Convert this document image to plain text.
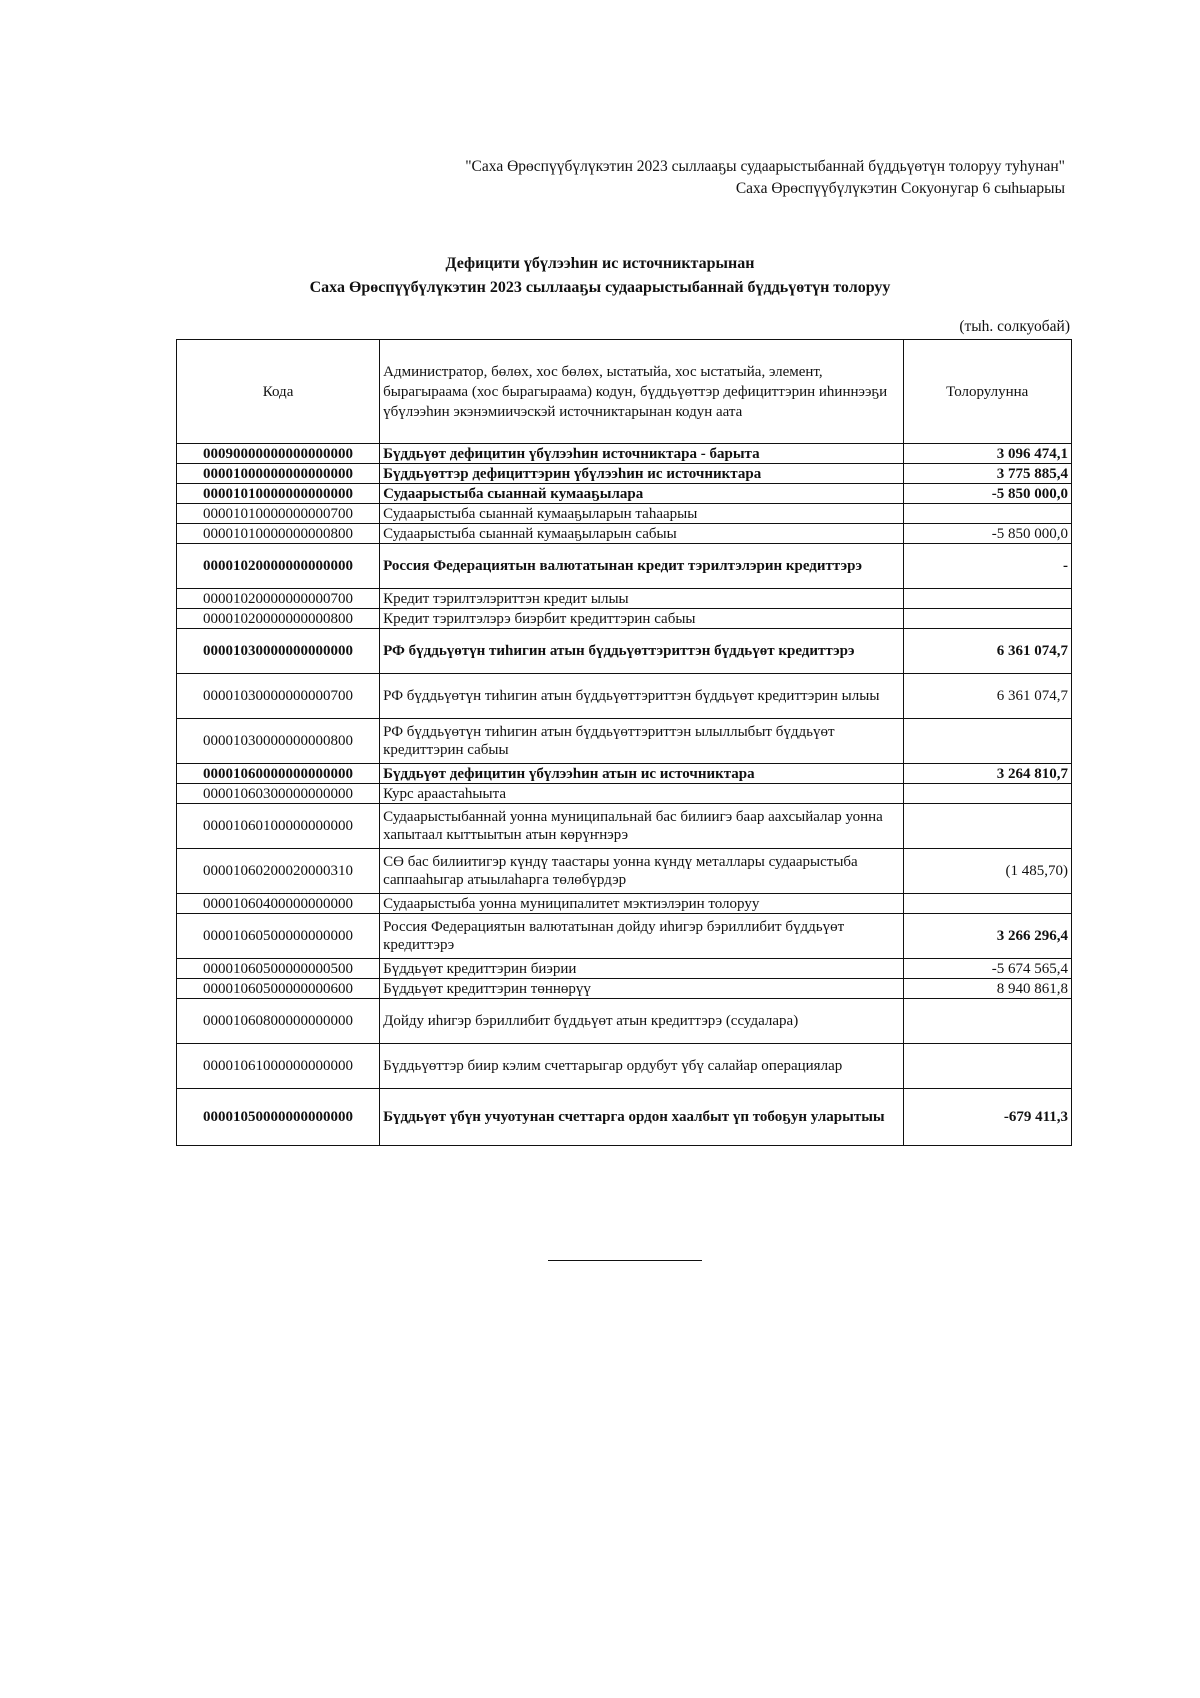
"Саха Өрөспүүбүлүкэтин 2023 сыллааҕы судаарыстыбаннай бүддьүөтүн толоруу туһунан"
Саха Өрөспүүбүлүкэтин Сокуонугар 6 сыһыарыы
Дефицити үбүлээһин ис источниктарынан
Саха Өрөспүүбүлүкэтин 2023 сыллааҕы судаарыстыбаннай бүддьүөтүн толоруу
(тыһ. солкуобай)
Кода	Администратор, бөлөх, хос бөлөх, ыстатыйа, хос ыстатыйа, элемент, бырагыраама (хос бырагыраама) кодун, бүддьүөттэр дефициттэрин иһиннээҕи үбүлээһин экэнэмиичэскэй источниктарынан кодун аата	Толорулунна
00090000000000000000	Бүддьүөт дефицитин үбүлээһин источниктара - барыта	3 096 474,1
00001000000000000000	Бүддьүөттэр дефициттэрин үбүлээһин ис источниктара	3 775 885,4
00001010000000000000	Судаарыстыба сыаннай кумааҕылара	-5 850 000,0
00001010000000000700	Судаарыстыба сыаннай кумааҕыларын таһаарыы	
00001010000000000800	Судаарыстыба сыаннай кумааҕыларын сабыы	-5 850 000,0
00001020000000000000	Россия Федерациятын валютатынан кредит тэрилтэлэрин кредиттэрэ	-
00001020000000000700	Кредит тэрилтэлэриттэн кредит ылыы	
00001020000000000800	Кредит тэрилтэлэрэ биэрбит кредиттэрин сабыы	
00001030000000000000	РФ бүддьүөтүн тиһигин атын бүддьүөттэриттэн бүддьүөт кредиттэрэ	6 361 074,7
00001030000000000700	РФ бүддьүөтүн тиһигин атын бүддьүөттэриттэн бүддьүөт кредиттэрин ылыы	6 361 074,7
00001030000000000800	РФ бүддьүөтүн тиһигин атын бүддьүөттэриттэн ылыллыбыт бүддьүөт кредиттэрин сабыы	
00001060000000000000	Бүддьүөт дефицитин үбүлээһин атын ис источниктара	3 264 810,7
00001060300000000000	Курс араастаһыыта	
00001060100000000000	Судаарыстыбаннай уонна муниципальнай бас билиигэ баар аахсыйалар уонна хапытаал кыттыытын атын көрүҥнэрэ	
00001060200020000310	СӨ бас билиитигэр күндү таастары уонна күндү металлары судаарыстыба саппааһыгар атыылаһарга төлөбүрдэр	(1 485,70)
00001060400000000000	Судаарыстыба уонна муниципалитет мэктиэлэрин толоруу	
00001060500000000000	Россия Федерациятын валютатынан дойду иһигэр бэриллибит бүддьүөт кредиттэрэ	3 266 296,4
00001060500000000500	Бүддьүөт кредиттэрин биэрии	-5 674 565,4
00001060500000000600	Бүддьүөт кредиттэрин төннөрүү	8 940 861,8
00001060800000000000	Дойду иһигэр бэриллибит бүддьүөт атын кредиттэрэ (ссудалара)	
00001061000000000000	Бүддьүөттэр биир кэлим счеттарыгар ордубут үбү салайар операциялар	
00001050000000000000	Бүддьүөт үбүн учуотунан счеттарга ордон хаалбыт үп тобоҕун уларытыы	-679 411,3
